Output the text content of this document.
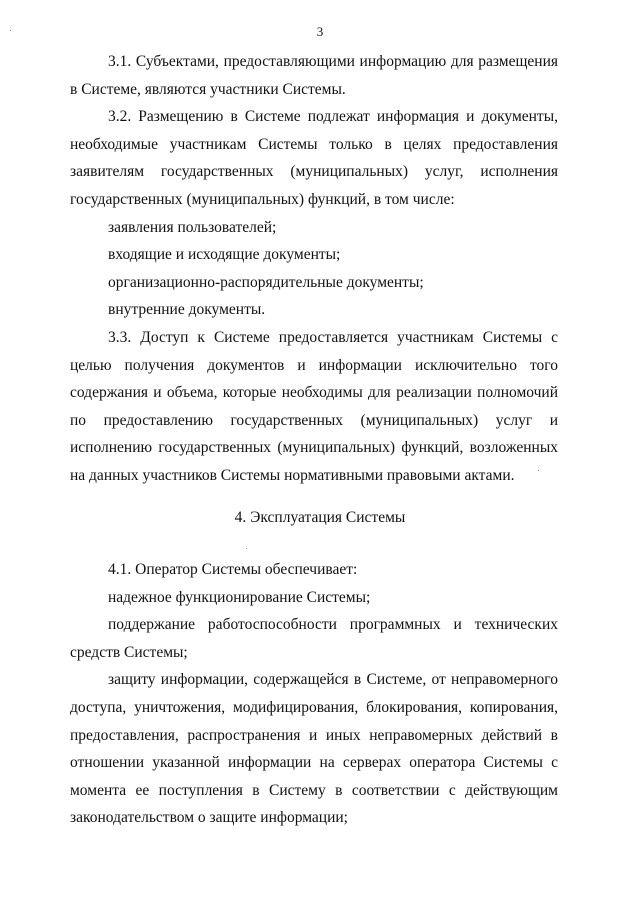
3

3.1. Субъектами, предоставляющими информацию для размещения в Системе, являются участники Системы.

3.2. Размещению в Системе подлежат информация и документы, необходимые участникам Системы только в целях предоставления заявителям государственных (муниципальных) услуг, исполнения государственных (муниципальных) функций, в том числе:

заявления пользователей;

входящие и исходящие документы;

организационно-распорядительные документы;

внутренние документы.

3.3. Доступ к Системе предоставляется участникам Системы с целью получения документов и информации исключительно того содержания и объема, которые необходимы для реализации полномочий по предоставлению государственных (муниципальных) услуг и исполнению государственных (муниципальных) функций, возложенных на данных участников Системы нормативными правовыми актами.

4. Эксплуатация Системы

4.1. Оператор Системы обеспечивает:

надежное функционирование Системы;

поддержание работоспособности программных и технических средств Системы;

защиту информации, содержащейся в Системе, от неправомерного доступа, уничтожения, модифицирования, блокирования, копирования, предоставления, распространения и иных неправомерных действий в отношении указанной информации на серверах оператора Системы с момента ее поступления в Систему в соответствии с действующим законодательством о защите информации;
